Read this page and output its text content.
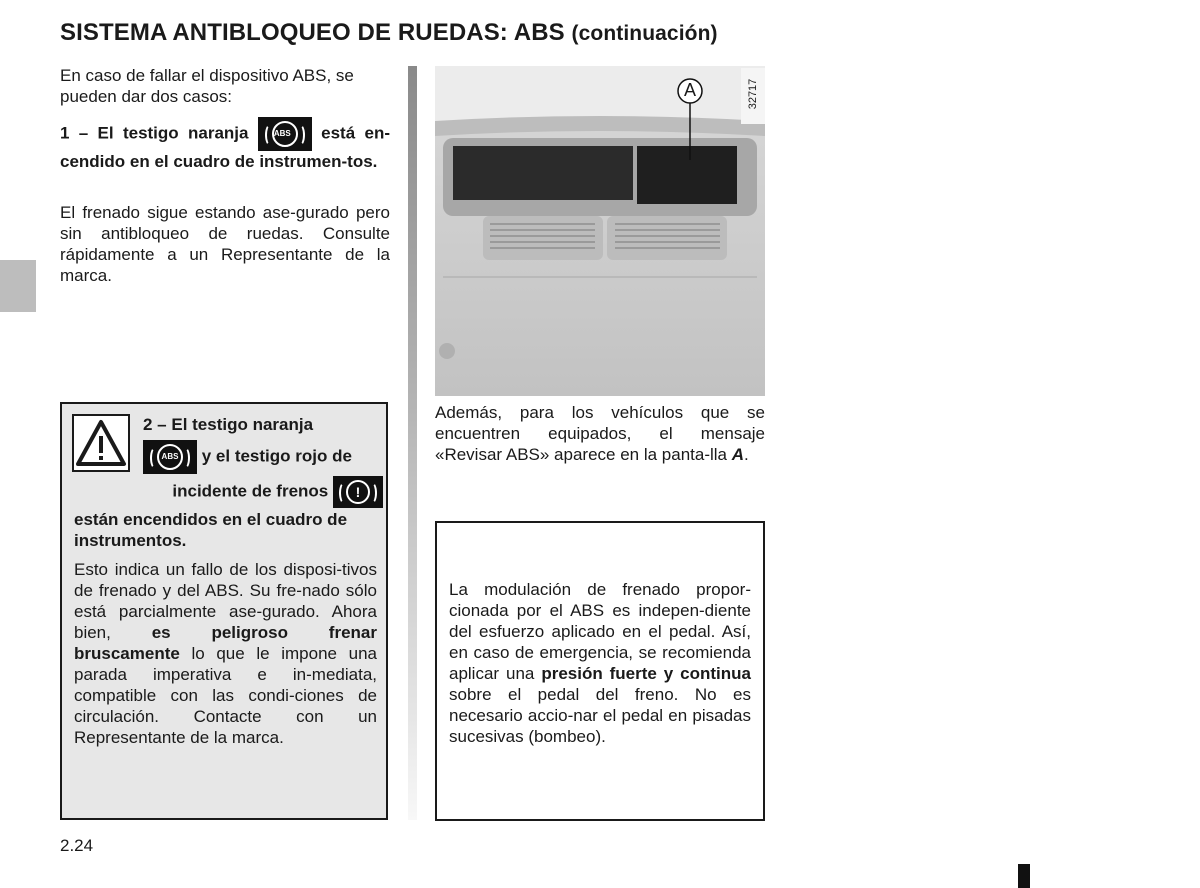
SISTEMA ANTIBLOQUEO DE RUEDAS: ABS (continuación)

En caso de fallar el dispositivo ABS, se pueden dar dos casos:

1 – El testigo naranja	ABS	está en-cendido en el cuadro de instrumen-tos.

El frenado sigue estando ase-gurado pero sin antibloqueo de ruedas. Consulte rápidamente a un Representante de la marca.

2 – El testigo naranja
ABS y el testigo rojo de
incidente de frenos	!
están encendidos en el cuadro de instrumentos.
Esto indica un fallo de los disposi-tivos de frenado y del ABS. Su fre-nado sólo está parcialmente ase-gurado. Ahora bien, es peligroso frenar bruscamente lo que le impone una parada imperativa e in-mediata, compatible con las condi-ciones de circulación. Contacte con un Representante de la marca.
A	32717
Además, para los vehículos que se encuentren equipados, el mensaje «Revisar ABS» aparece en la panta-lla A.
La modulación de frenado propor-cionada por el ABS es indepen-diente del esfuerzo aplicado en el pedal. Así, en caso de emergencia, se recomienda aplicar una presión fuerte y continua sobre el pedal del freno. No es necesario accio-nar el pedal en pisadas sucesivas (bombeo).
2.24
